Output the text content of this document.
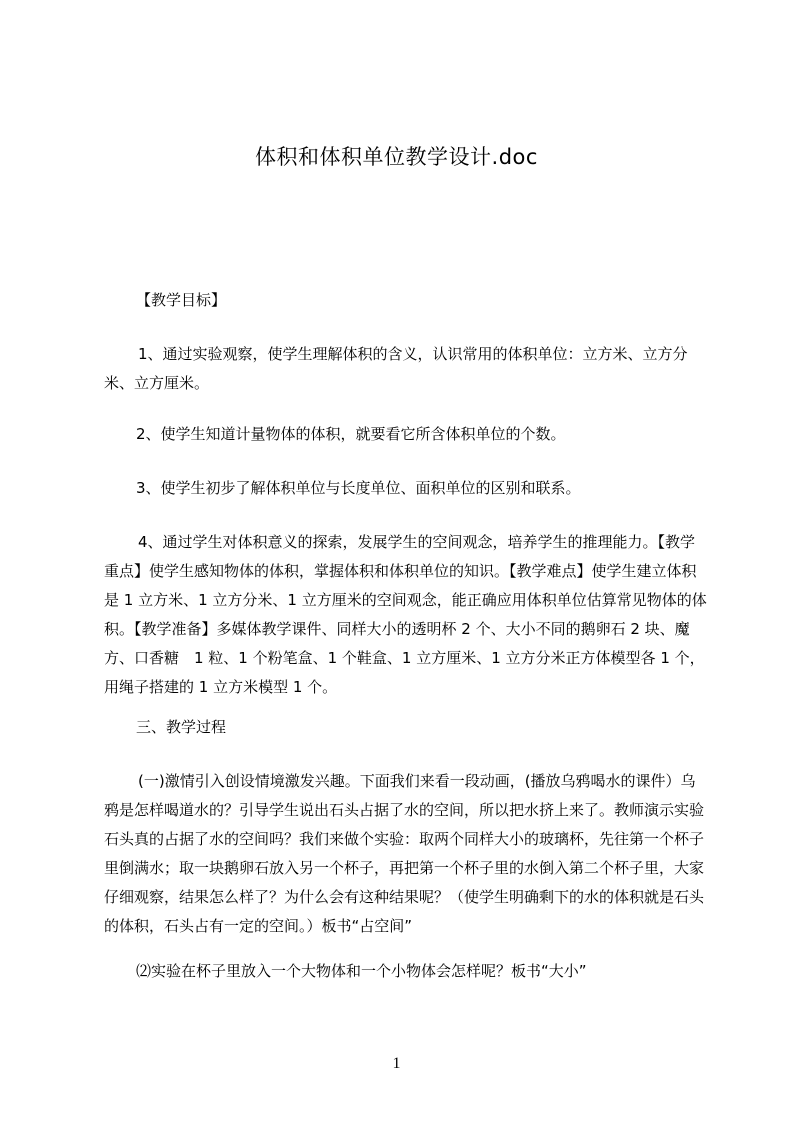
体积和体积单位教学设计.doc

【教学目标】

1、通过实验观察，使学生理解体积的含义，认识常用的体积单位：立方米、立方分米、立方厘米。

2、使学生知道计量物体的体积，就要看它所含体积单位的个数。

3、使学生初步了解体积单位与长度单位、面积单位的区别和联系。

4、通过学生对体积意义的探索，发展学生的空间观念，培养学生的推理能力。【教学重点】使学生感知物体的体积，掌握体积和体积单位的知识。【教学难点】使学生建立体积是 1 立方米、1 立方分米、1 立方厘米的空间观念，能正确应用体积单位估算常见物体的体积。【教学准备】多媒体教学课件、同样大小的透明杯 2 个、大小不同的鹅卵石 2 块、魔方、口香糖　1 粒、1 个粉笔盒、1 个鞋盒、1 立方厘米、1 立方分米正方体模型各 1 个，用绳子搭建的 1 立方米模型 1 个。

三、教学过程

(一)激情引入创设情境激发兴趣。下面我们来看一段动画，(播放乌鸦喝水的课件）乌鸦是怎样喝道水的？引导学生说出石头占据了水的空间，所以把水挤上来了。教师演示实验石头真的占据了水的空间吗？我们来做个实验：取两个同样大小的玻璃杯，先往第一个杯子里倒满水；取一块鹅卵石放入另一个杯子，再把第一个杯子里的水倒入第二个杯子里，大家仔细观察，结果怎么样了？为什么会有这种结果呢？（使学生明确剩下的水的体积就是石头的体积，石头占有一定的空间。）板书“占空间”

⑵实验在杯子里放入一个大物体和一个小物体会怎样呢？板书“大小”

1
